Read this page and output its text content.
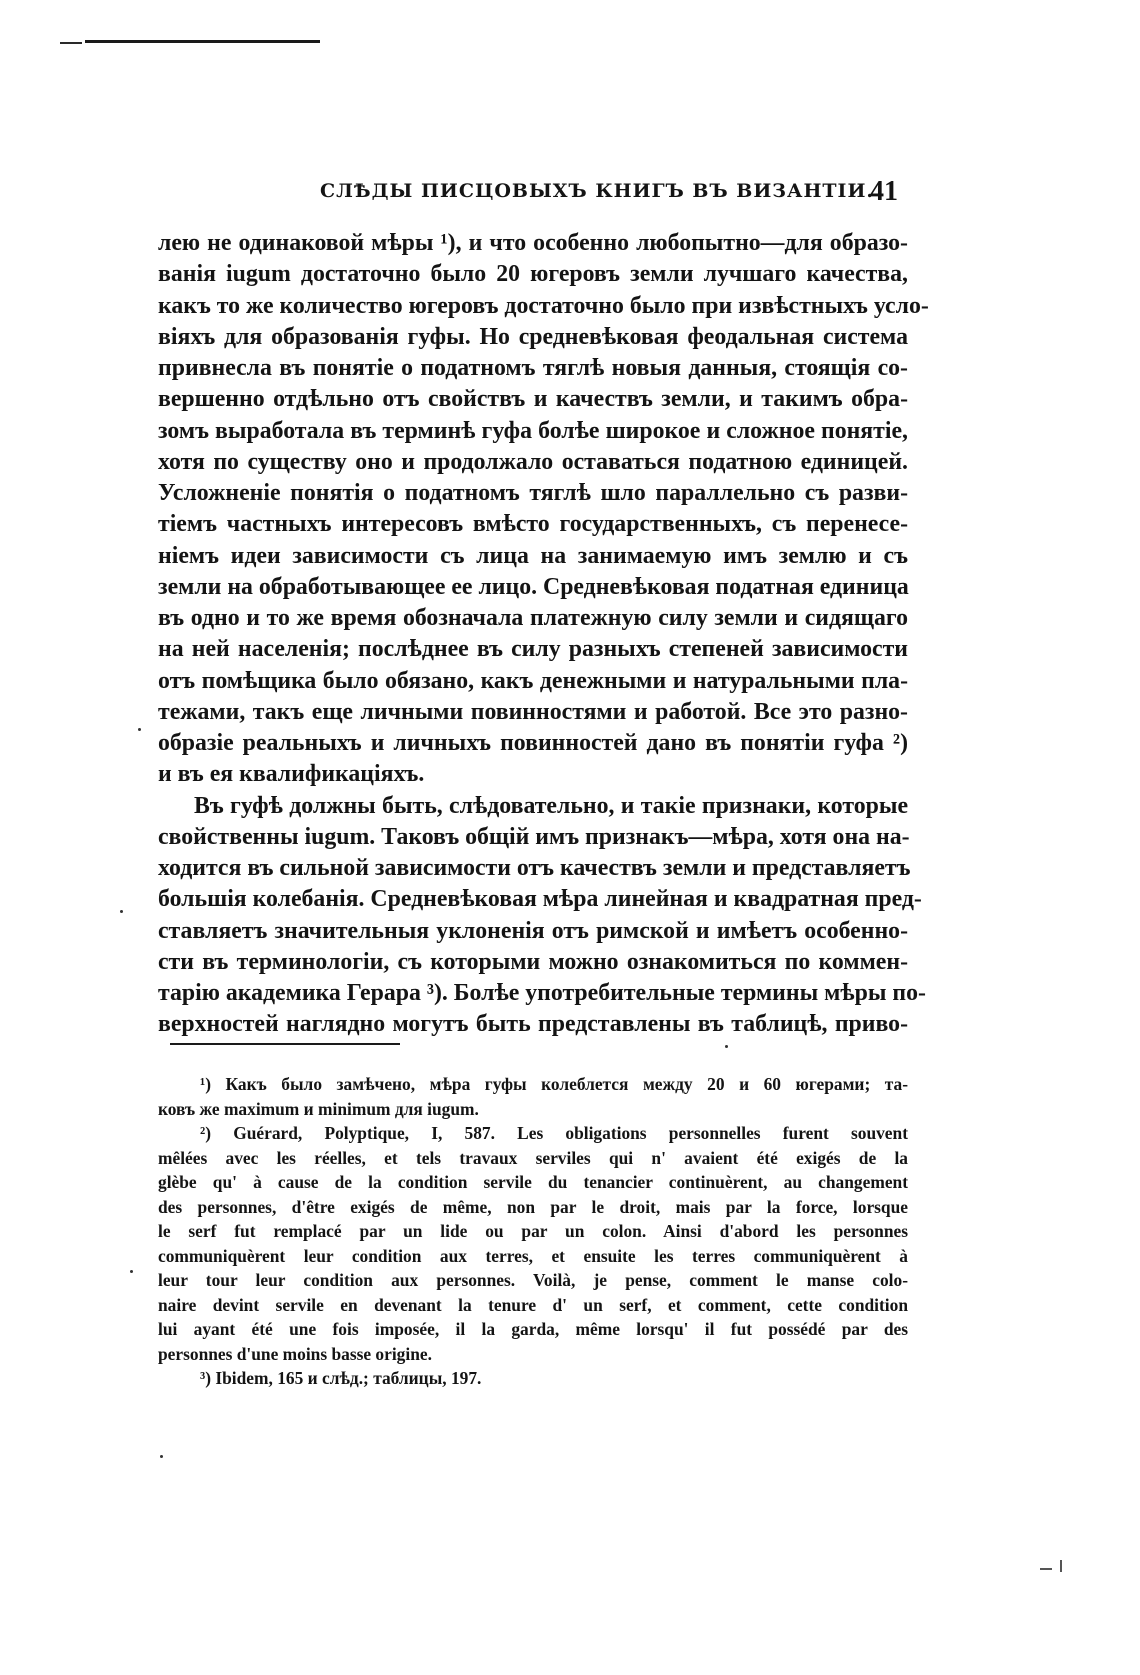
СЛѢДЫ ПИСЦОВЫХЪ КНИГЪ ВЪ ВИЗАНТІИ.
41
лею не одинаковой мѣры ¹), и что особенно любопытно—для образо-
ванія iugum достаточно было 20 югеровъ земли лучшаго качества,
какъ то же количество югеровъ достаточно было при извѣстныхъ усло-
віяхъ для образованія гуфы. Но средневѣковая феодальная система
привнесла въ понятіе о податномъ тяглѣ новыя данныя, стоящія со-
вершенно отдѣльно отъ свойствъ и качествъ земли, и такимъ обра-
зомъ выработала въ терминѣ гуфа болѣе широкое и сложное понятіе,
хотя по существу оно и продолжало оставаться податною единицей.
Усложненіе понятія о податномъ тяглѣ шло параллельно съ разви-
тіемъ частныхъ интересовъ вмѣсто государственныхъ, съ перенесе-
ніемъ идеи зависимости съ лица на занимаемую имъ землю и съ
земли на обработывающее ее лицо. Средневѣковая податная единица
въ одно и то же время обозначала платежную силу земли и сидящаго
на ней населенія; послѣднее въ силу разныхъ степеней зависимости
отъ помѣщика было обязано, какъ денежными и натуральными пла-
тежами, такъ еще личными повинностями и работой. Все это разно-
образіе реальныхъ и личныхъ повинностей дано въ понятіи гуфа ²)
и въ ея квалификаціяхъ.
Въ гуфѣ должны быть, слѣдовательно, и такіе признаки, которые
свойственны iugum. Таковъ общій имъ признакъ—мѣра, хотя она на-
ходится въ сильной зависимости отъ качествъ земли и представляетъ
большія колебанія. Средневѣковая мѣра линейная и квадратная пред-
ставляетъ значительныя уклоненія отъ римской и имѣетъ особенно-
сти въ терминологіи, съ которыми можно ознакомиться по коммен-
тарію академика Герара ³). Болѣе употребительные термины мѣры по-
верхностей наглядно могутъ быть представлены въ таблицѣ, приво-
¹) Какъ было замѣчено, мѣра гуфы колеблется между 20 и 60 югерами; та-
ковъ же maximum и minimum для iugum.
²) Guérard, Polyptique, I, 587. Les obligations personnelles furent souvent
mêlées avec les réelles, et tels travaux serviles qui n' avaient été exigés de la
glèbe qu' à cause de la condition servile du tenancier continuèrent, au changement
des personnes, d'être exigés de même, non par le droit, mais par la force, lorsque
le serf fut remplacé par un lide ou par un colon. Ainsi d'abord les personnes
communiquèrent leur condition aux terres, et ensuite les terres communiquèrent à
leur tour leur condition aux personnes. Voilà, je pense, comment le manse colo-
naire devint servile en devenant la tenure d' un serf, et comment, cette condition
lui ayant été une fois imposée, il la garda, même lorsqu' il fut possédé par des
personnes d'une moins basse origine.
³) Ibidem, 165 и слѣд.; таблицы, 197.
